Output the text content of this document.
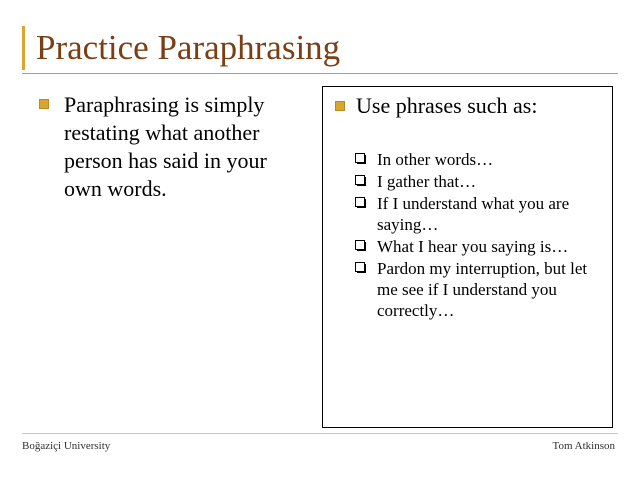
Practice Paraphrasing
Paraphrasing is simply restating what another person has said in your own words.
Use phrases such as:
In other words…
I gather that…
If I understand what you are saying…
What I hear you saying is…
Pardon my interruption, but let me see if I understand you correctly…
Boğaziçi University	Tom Atkinson
